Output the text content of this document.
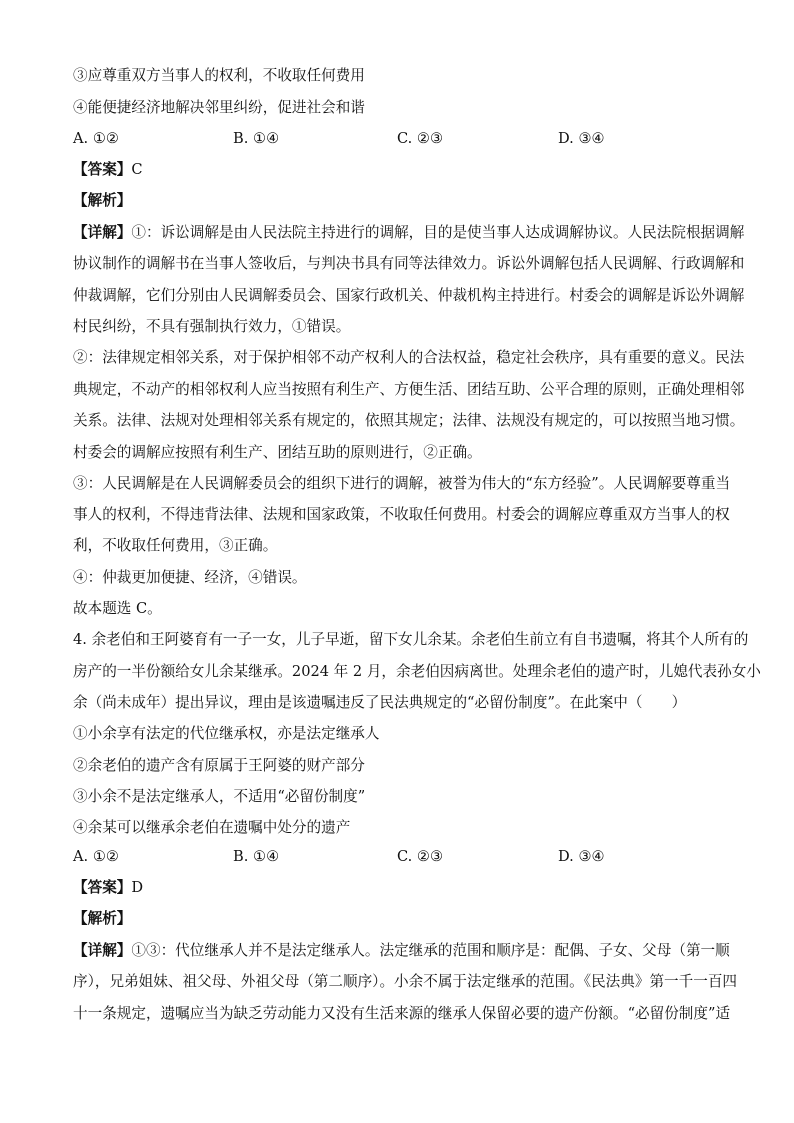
③应尊重双方当事人的权利，不收取任何费用
④能便捷经济地解决邻里纠纷，促进社会和谐
A. ①②	B. ①④	C. ②③	D. ③④
【答案】C
【解析】
【详解】①：诉讼调解是由人民法院主持进行的调解，目的是使当事人达成调解协议。人民法院根据调解
协议制作的调解书在当事人签收后，与判决书具有同等法律效力。诉讼外调解包括人民调解、行政调解和
仲裁调解，它们分别由人民调解委员会、国家行政机关、仲裁机构主持进行。村委会的调解是诉讼外调解
村民纠纷，不具有强制执行效力，①错误。
②：法律规定相邻关系，对于保护相邻不动产权利人的合法权益，稳定社会秩序，具有重要的意义。民法
典规定，不动产的相邻权利人应当按照有利生产、方便生活、团结互助、公平合理的原则，正确处理相邻
关系。法律、法规对处理相邻关系有规定的，依照其规定；法律、法规没有规定的，可以按照当地习惯。
村委会的调解应按照有利生产、团结互助的原则进行，②正确。
③：人民调解是在人民调解委员会的组织下进行的调解，被誉为伟大的“东方经验”。人民调解要尊重当
事人的权利，不得违背法律、法规和国家政策，不收取任何费用。村委会的调解应尊重双方当事人的权
利，不收取任何费用，③正确。
④：仲裁更加便捷、经济，④错误。
故本题选 C。
4. 余老伯和王阿婆育有一子一女，儿子早逝，留下女儿余某。余老伯生前立有自书遗嘱，将其个人所有的
房产的一半份额给女儿余某继承。2024 年 2 月，余老伯因病离世。处理余老伯的遗产时，儿媳代表孙女小
余（尚未成年）提出异议，理由是该遗嘱违反了民法典规定的“必留份制度”。在此案中（　　）
①小余享有法定的代位继承权，亦是法定继承人
②余老伯的遗产含有原属于王阿婆的财产部分
③小余不是法定继承人，不适用“必留份制度”
④余某可以继承余老伯在遗嘱中处分的遗产
A. ①②	B. ①④	C. ②③	D. ③④
【答案】D
【解析】
【详解】①③：代位继承人并不是法定继承人。法定继承的范围和顺序是：配偶、子女、父母（第一顺
序），兄弟姐妹、祖父母、外祖父母（第二顺序）。小余不属于法定继承的范围。《民法典》第一千一百四
十一条规定，遗嘱应当为缺乏劳动能力又没有生活来源的继承人保留必要的遗产份额。“必留份制度”适
